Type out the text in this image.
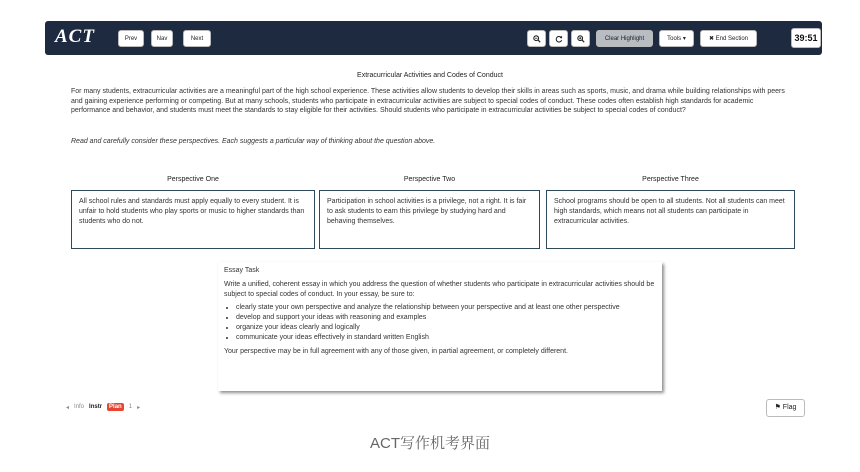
ACT	Prev	Nav	Next	Clear Highlight	Tools ▾	✖ End Section	39:51
Extracurricular Activities and Codes of Conduct
For many students, extracurricular activities are a meaningful part of the high school experience. These activities allow students to develop their skills in areas such as sports, music, and drama while building relationships with peers and gaining experience performing or competing. But at many schools, students who participate in extracurricular activities are subject to special codes of conduct. These codes often establish high standards for academic performance and behavior, and students must meet the standards to stay eligible for their activities. Should students who participate in extracurricular activities be subject to special codes of conduct?
Read and carefully consider these perspectives. Each suggests a particular way of thinking about the question above.
Perspective One	Perspective Two	Perspective Three
All school rules and standards must apply equally to every student. It is unfair to hold students who play sports or music to higher standards than students who do not.
Participation in school activities is a privilege, not a right. It is fair to ask students to earn this privilege by studying hard and behaving themselves.
School programs should be open to all students. Not all students can meet high standards, which means not all students can participate in extracurricular activities.
Essay Task
Write a unified, coherent essay in which you address the question of whether students who participate in extracurricular activities should be subject to special codes of conduct. In your essay, be sure to:
• clearly state your own perspective and analyze the relationship between your perspective and at least one other perspective
• develop and support your ideas with reasoning and examples
• organize your ideas clearly and logically
• communicate your ideas effectively in standard written English
Your perspective may be in full agreement with any of those given, in partial agreement, or completely different.
◂ Info Instr	Plan	1 ▸	⚑ Flag
ACT写作机考界面
